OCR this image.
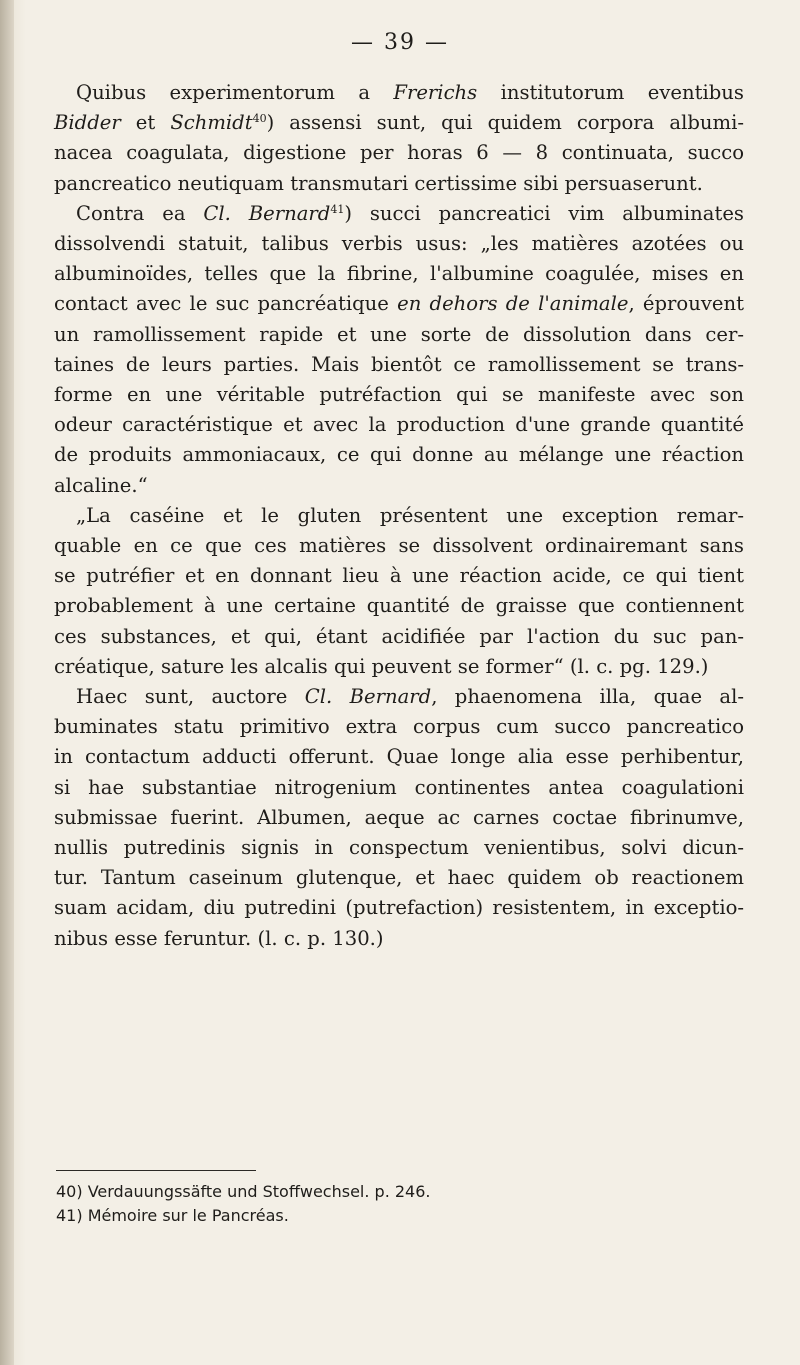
— 39 —
Quibus experimentorum a Frerichs institutorum eventibus
Bidder et Schmidt$^{40}$) assensi sunt, qui quidem corpora albumi-
nacea coagulata, digestione per horas 6 — 8 continuata, succo
pancreatico neutiquam transmutari certissime sibi persuaserunt.
Contra ea Cl. Bernard$^{41}$) succi pancreatici vim albuminates
dissolvendi statuit, talibus verbis usus: „les matières azotées ou
albuminoïdes, telles que la fibrine, l'albumine coagulée, mises en
contact avec le suc pancréatique en dehors de l'animale, éprouvent
un ramollissement rapide et une sorte de dissolution dans cer-
taines de leurs parties. Mais bientôt ce ramollissement se trans-
forme en une véritable putréfaction qui se manifeste avec son
odeur caractéristique et avec la production d'une grande quantité
de produits ammoniacaux, ce qui donne au mélange une réaction
alcaline.“
„La caséine et le gluten présentent une exception remar-
quable en ce que ces matières se dissolvent ordinairemant sans
se putréfier et en donnant lieu à une réaction acide, ce qui tient
probablement à une certaine quantité de graisse que contiennent
ces substances, et qui, étant acidifiée par l'action du suc pan-
créatique, sature les alcalis qui peuvent se former“ (l. c. pg. 129.)
Haec sunt, auctore Cl. Bernard, phaenomena illa, quae al-
buminates statu primitivo extra corpus cum succo pancreatico
in contactum adducti offerunt. Quae longe alia esse perhibentur,
si hae substantiae nitrogenium continentes antea coagulationi
submissae fuerint. Albumen, aeque ac carnes coctae fibrinumve,
nullis putredinis signis in conspectum venientibus, solvi dicun-
tur. Tantum caseinum glutenque, et haec quidem ob reactionem
suam acidam, diu putredini (putrefaction) resistentem, in exceptio-
nibus esse feruntur. (l. c. p. 130.)
40) Verdauungssäfte und Stoffwechsel. p. 246.
41) Mémoire sur le Pancréas.
